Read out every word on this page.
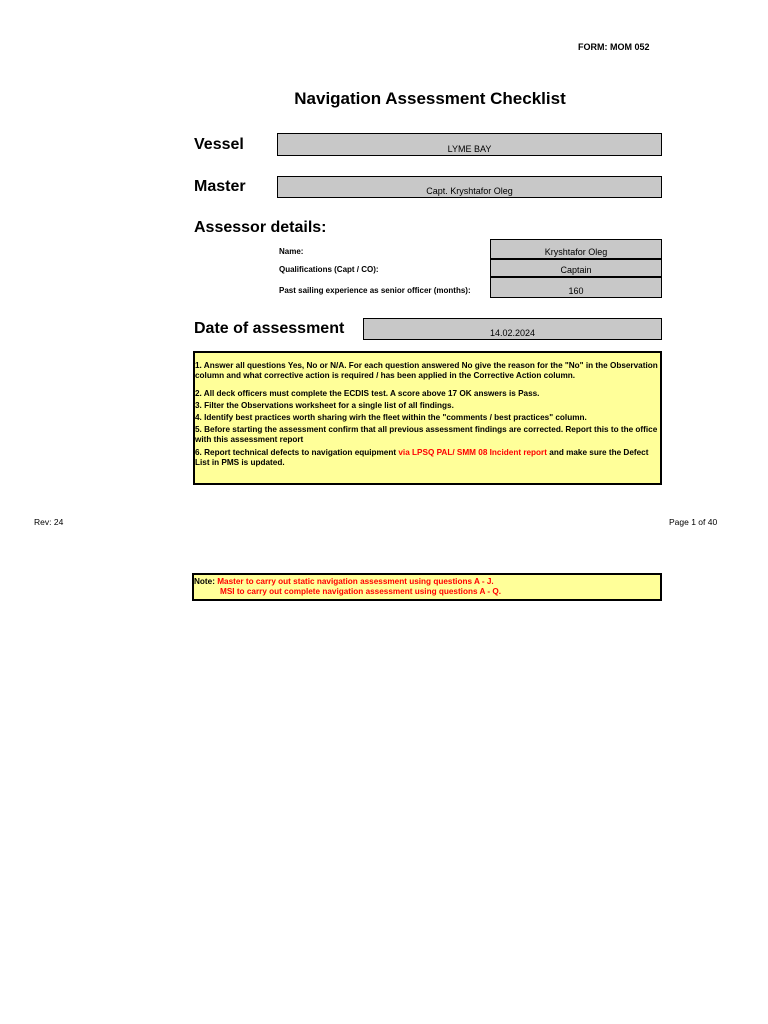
FORM: MOM 052
Navigation Assessment Checklist
Vessel	LYME BAY
Master	Capt. Kryshtafor Oleg
Assessor details:
Name:	Kryshtafor Oleg
Qualifications (Capt / CO):	Captain
Past sailing experience as senior officer (months):	160
Date of assessment	14.02.2024

1. Answer all questions Yes, No or N/A. For each question answered No give the reason for the "No" in the Observation column and what corrective action is required / has been applied in the Corrective Action column.

2. All deck officers must complete the ECDIS test. A score above 17 OK answers is Pass.

3. Filter the Observations worksheet for a single list of all findings.

4. Identify best practices worth sharing wirh the fleet within the "comments / best practices" column.

5. Before starting the assessment confirm that all previous assessment findings are corrected. Report this to the office with this assessment report

6. Report technical defects to navigation equipment via LPSQ PAL/ SMM 08 Incident report and make sure the Defect List in PMS is updated.

Rev: 24	Page 1 of 40
Note: Master to carry out static navigation assessment using questions A - J.
MSI to carry out complete navigation assessment using questions A - Q.
